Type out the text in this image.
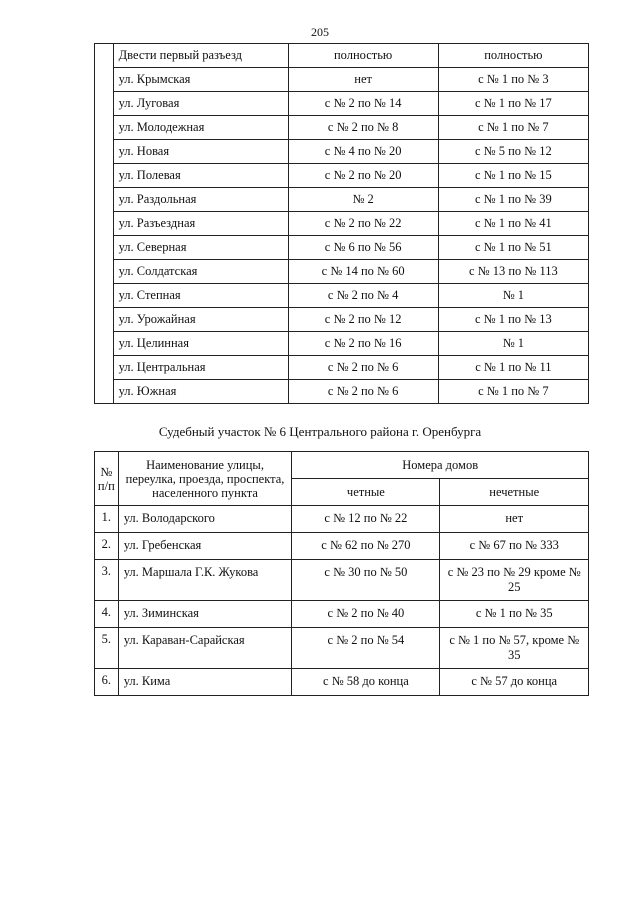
205
	Двести первый разъезд	полностью	полностью
	ул. Крымская	нет	с № 1 по № 3
	ул. Луговая	с № 2 по № 14	с № 1 по № 17
	ул. Молодежная	с № 2 по № 8	с № 1 по № 7
	ул. Новая	с № 4 по № 20	с № 5 по № 12
	ул. Полевая	с № 2 по № 20	с № 1 по № 15
	ул. Раздольная	№ 2	с № 1 по № 39
	ул. Разъездная	с № 2 по № 22	с № 1 по № 41
	ул. Северная	с № 6 по № 56	с № 1 по № 51
	ул. Солдатская	с № 14 по № 60	с № 13 по № 113
	ул. Степная	с № 2 по № 4	№ 1
	ул. Урожайная	с № 2 по № 12	с № 1 по № 13
	ул. Целинная	с № 2 по № 16	№ 1
	ул. Центральная	с № 2 по № 6	с № 1 по № 11
	ул. Южная	с № 2 по № 6	с № 1 по № 7
Судебный участок № 6 Центрального района г. Оренбурга
№ п/п	Наименование улицы, переулка, проезда, проспекта, населенного пункта	Номера домов	
		четные	нечетные
1.	ул. Володарского	с № 12 по № 22	нет
2.	ул. Гребенская	с № 62 по № 270	с № 67 по № 333
3.	ул. Маршала Г.К. Жукова	с № 30 по № 50	с № 23 по № 29 кроме № 25
4.	ул. Зиминская	с № 2 по № 40	с № 1 по № 35
5.	ул. Караван-Сарайская	с № 2 по № 54	с № 1 по № 57, кроме № 35
6.	ул. Кима	с № 58 до конца	с № 57 до конца
